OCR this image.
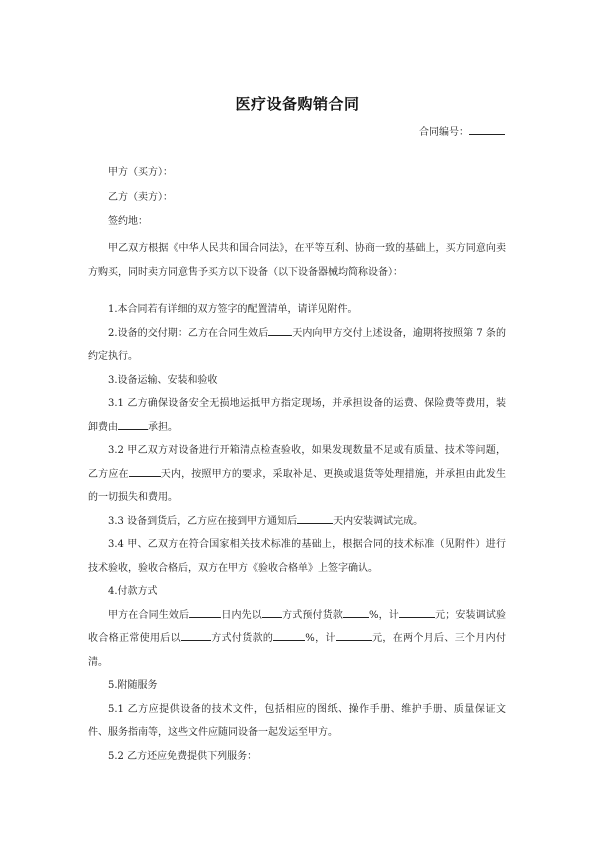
医疗设备购销合同
合同编号：
甲方（买方）：
乙方（卖方）：
签约地：

甲乙双方根据《中华人民共和国合同法》，在平等互利、协商一致的基础上，买方同意向卖方购买，同时卖方同意售予买方以下设备（以下设备器械均简称设备）：

1.本合同若有详细的双方签字的配置清单，请详见附件。

2.设备的交付期：乙方在合同生效后 天内向甲方交付上述设备，逾期将按照第 7 条的约定执行。

3.设备运输、安装和验收

3.1 乙方确保设备安全无损地运抵甲方指定现场，并承担设备的运费、保险费等费用，装卸费由	承担。

3.2 甲乙双方对设备进行开箱清点检查验收，如果发现数量不足或有质量、技术等问题，乙方应在	天内，按照甲方的要求，采取补足、更换或退货等处理措施，并承担由此发生的一切损失和费用。

3.3 设备到货后，乙方应在接到甲方通知后	天内安装调试完成。

3.4 甲、乙双方在符合国家相关技术标准的基础上，根据合同的技术标准（见附件）进行技术验收，验收合格后，双方在甲方《验收合格单》上签字确认。

4.付款方式

甲方在合同生效后	日内先以 方式预付货款	%，计	元；安装调试验收合格正常使用后以	方式付货款的	%，计	元，在两个月后、三个月内付清。

5.附随服务

5.1 乙方应提供设备的技术文件，包括相应的图纸、操作手册、维护手册、质量保证文件、服务指南等，这些文件应随同设备一起发运至甲方。

5.2 乙方还应免费提供下列服务：
